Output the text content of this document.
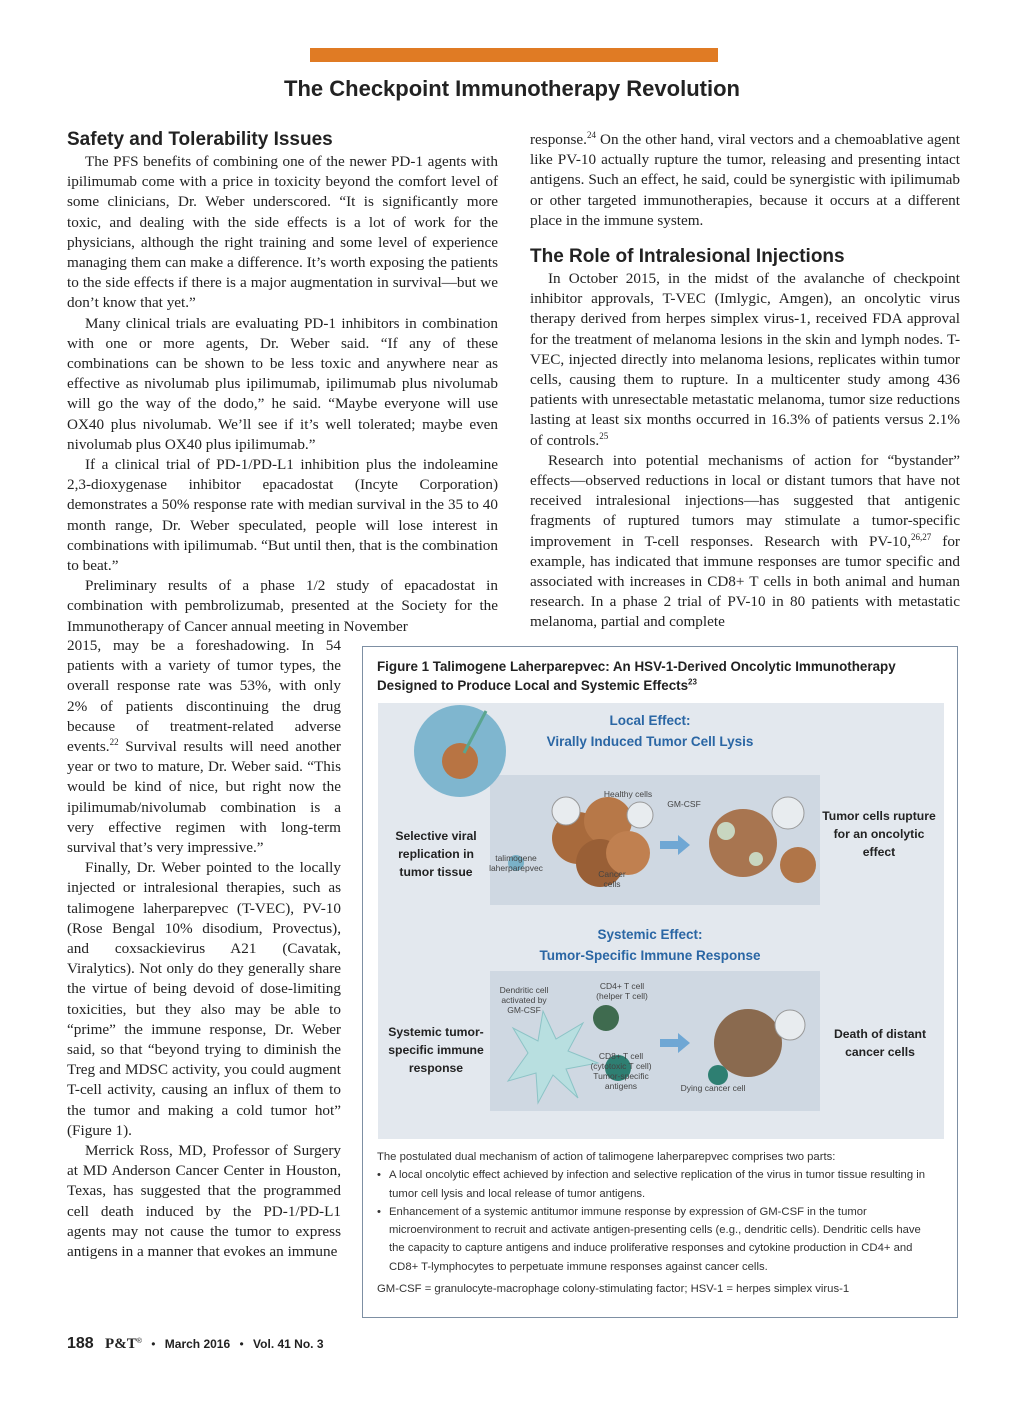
The Checkpoint Immunotherapy Revolution
Safety and Tolerability Issues

The PFS benefits of combining one of the newer PD-1 agents with ipilimumab come with a price in toxicity beyond the comfort level of some clinicians, Dr. Weber underscored. “It is significantly more toxic, and dealing with the side effects is a lot of work for the physicians, although the right training and some level of experience managing them can make a difference. It’s worth exposing the patients to the side effects if there is a major augmentation in survival—but we don’t know that yet.”

Many clinical trials are evaluating PD-1 inhibitors in combination with one or more agents, Dr. Weber said. “If any of these combinations can be shown to be less toxic and anywhere near as effective as nivolumab plus ipilimumab, ipilimumab plus nivolumab will go the way of the dodo,” he said. “Maybe everyone will use OX40 plus nivolumab. We’ll see if it’s well tolerated; maybe even nivolumab plus OX40 plus ipilimumab.”

If a clinical trial of PD-1/PD-L1 inhibition plus the indoleamine 2,3-dioxygenase inhibitor epacadostat (Incyte Corporation) demonstrates a 50% response rate with median survival in the 35 to 40 month range, Dr. Weber speculated, people will lose interest in combinations with ipilimumab. “But until then, that is the combination to beat.”

Preliminary results of a phase 1/2 study of epacadostat in combination with pembrolizumab, presented at the Society for the Immunotherapy of Cancer annual meeting in November

2015, may be a foreshadowing. In 54 patients with a variety of tumor types, the overall response rate was 53%, with only 2% of patients discontinuing the drug because of treatment-related adverse events.$^{22}$ Survival results will need another year or two to mature, Dr. Weber said. “This would be kind of nice, but right now the ipilimumab/nivolumab combination is a very effective regimen with long-term survival that’s very impressive.”

Finally, Dr. Weber pointed to the locally injected or intralesional therapies, such as talimogene laherparepvec (T-VEC), PV-10 (Rose Bengal 10% disodium, Provectus), and coxsackievirus A21 (Cavatak, Viralytics). Not only do they generally share the virtue of being devoid of dose-limiting toxicities, but they also may be able to “prime” the immune response, Dr. Weber said, so that “beyond trying to diminish the Treg and MDSC activity, you could augment T-cell activity, causing an influx of them to the tumor and making a cold tumor hot” (Figure 1).

Merrick Ross, MD, Professor of Surgery at MD Anderson Cancer Center in Houston, Texas, has suggested that the programmed cell death induced by the PD-1/PD-L1 agents may not cause the tumor to express antigens in a manner that evokes an immune

response.$^{24}$ On the other hand, viral vectors and a chemoablative agent like PV-10 actually rupture the tumor, releasing and presenting intact antigens. Such an effect, he said, could be synergistic with ipilimumab or other targeted immunotherapies, because it occurs at a different place in the immune system.

The Role of Intralesional Injections

In October 2015, in the midst of the avalanche of checkpoint inhibitor approvals, T-VEC (Imlygic, Amgen), an oncolytic virus therapy derived from herpes simplex virus-1, received FDA approval for the treatment of melanoma lesions in the skin and lymph nodes. T-VEC, injected directly into melanoma lesions, replicates within tumor cells, causing them to rupture. In a multicenter study among 436 patients with unresectable metastatic melanoma, tumor size reductions lasting at least six months occurred in 16.3% of patients versus 2.1% of controls.$^{25}$

Research into potential mechanisms of action for “bystander” effects—observed reductions in local or distant tumors that have not received intralesional injections—has suggested that antigenic fragments of ruptured tumors may stimulate a tumor-specific improvement in T-cell responses. Research with PV-10,$^{26,27}$ for example, has indicated that immune responses are tumor specific and associated with increases in CD8+ T cells in both animal and human research. In a phase 2 trial of PV-10 in 80 patients with metastatic melanoma, partial and complete

Figure 1 Talimogene Laherparepvec: An HSV-1-Derived Oncolytic Immunotherapy Designed to Produce Local and Systemic Effects$^{23}$
Local Effect:
Virally Induced Tumor Cell Lysis
Selective viral replication in tumor tissue
Tumor cells rupture for an oncolytic effect
Healthy cells
GM-CSF
talimogene laherparepvec
Cancer cells
Systemic Effect:
Tumor-Specific Immune Response
Systemic tumor-specific immune response
Death of distant cancer cells
Dendritic cell activated by GM-CSF
CD4+ T cell (helper T cell)
CD8+ T cell (cytotoxic T cell) Tumor-specific antigens	Dying cancer cell
The postulated dual mechanism of action of talimogene laherparepvec comprises two parts:
• A local oncolytic effect achieved by infection and selective replication of the virus in tumor tissue resulting in tumor cell lysis and local release of tumor antigens.
• Enhancement of a systemic antitumor immune response by expression of GM-CSF in the tumor microenvironment to recruit and activate antigen-presenting cells (e.g., dendritic cells). Dendritic cells have the capacity to capture antigens and induce proliferative responses and cytokine production in CD4+ and CD8+ T-lymphocytes to perpetuate immune responses against cancer cells.
GM-CSF = granulocyte-macrophage colony-stimulating factor; HSV-1 = herpes simplex virus-1
188 P&T® • March 2016 • Vol. 41 No. 3
